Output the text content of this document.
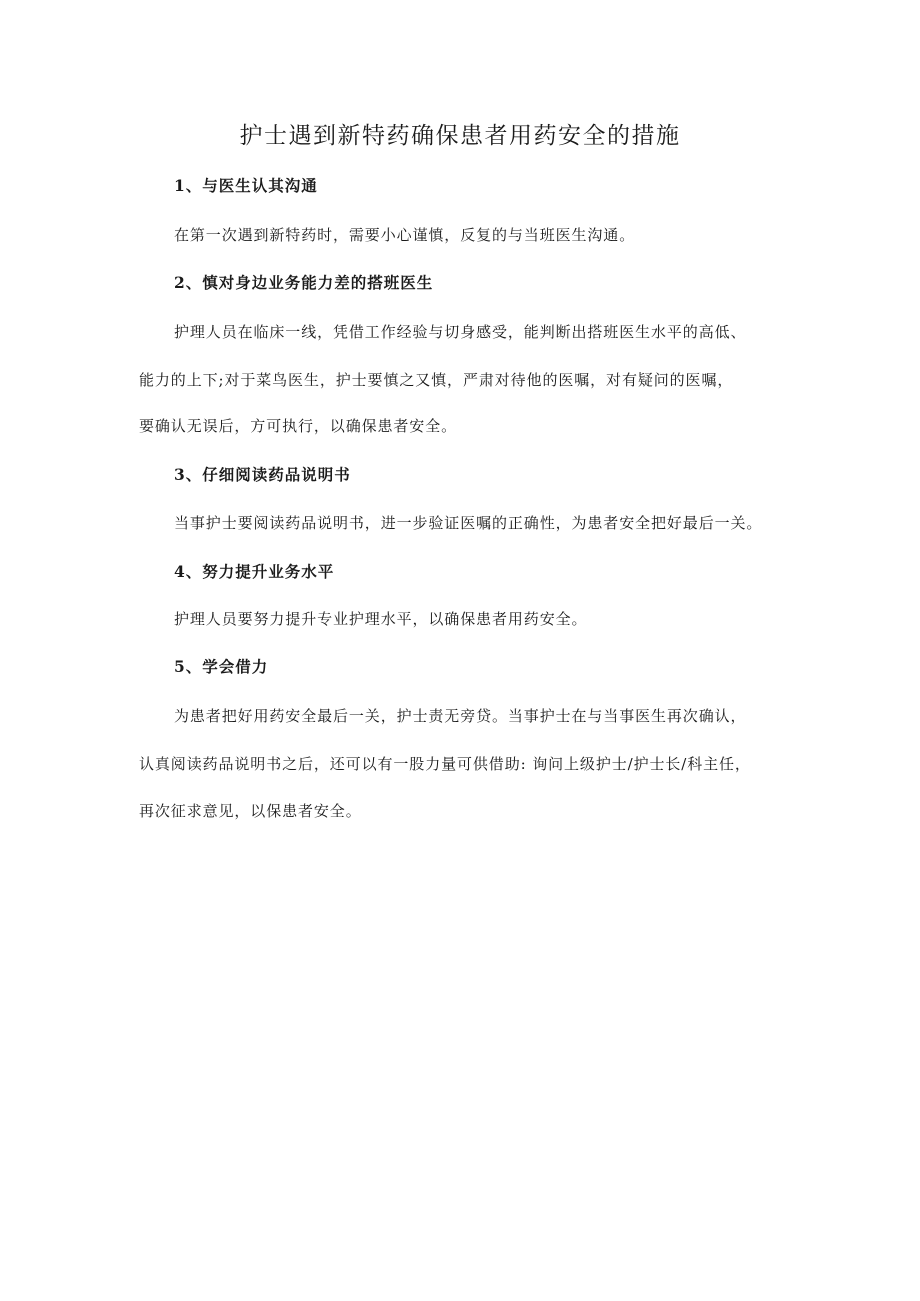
护士遇到新特药确保患者用药安全的措施
1、与医生认其沟通
在第一次遇到新特药时，需要小心谨慎，反复的与当班医生沟通。
2、慎对身边业务能力差的搭班医生
护理人员在临床一线，凭借工作经验与切身感受，能判断出搭班医生水平的高低、
能力的上下;对于菜鸟医生，护士要慎之又慎，严肃对待他的医嘱，对有疑问的医嘱，
要确认无误后，方可执行，以确保患者安全。
3、仔细阅读药品说明书
当事护士要阅读药品说明书，进一步验证医嘱的正确性，为患者安全把好最后一关。
4、努力提升业务水平
护理人员要努力提升专业护理水平，以确保患者用药安全。
5、学会借力
为患者把好用药安全最后一关，护士责无旁贷。当事护士在与当事医生再次确认，
认真阅读药品说明书之后，还可以有一股力量可供借助: 询问上级护士/护士长/科主任，
再次征求意见，以保患者安全。
